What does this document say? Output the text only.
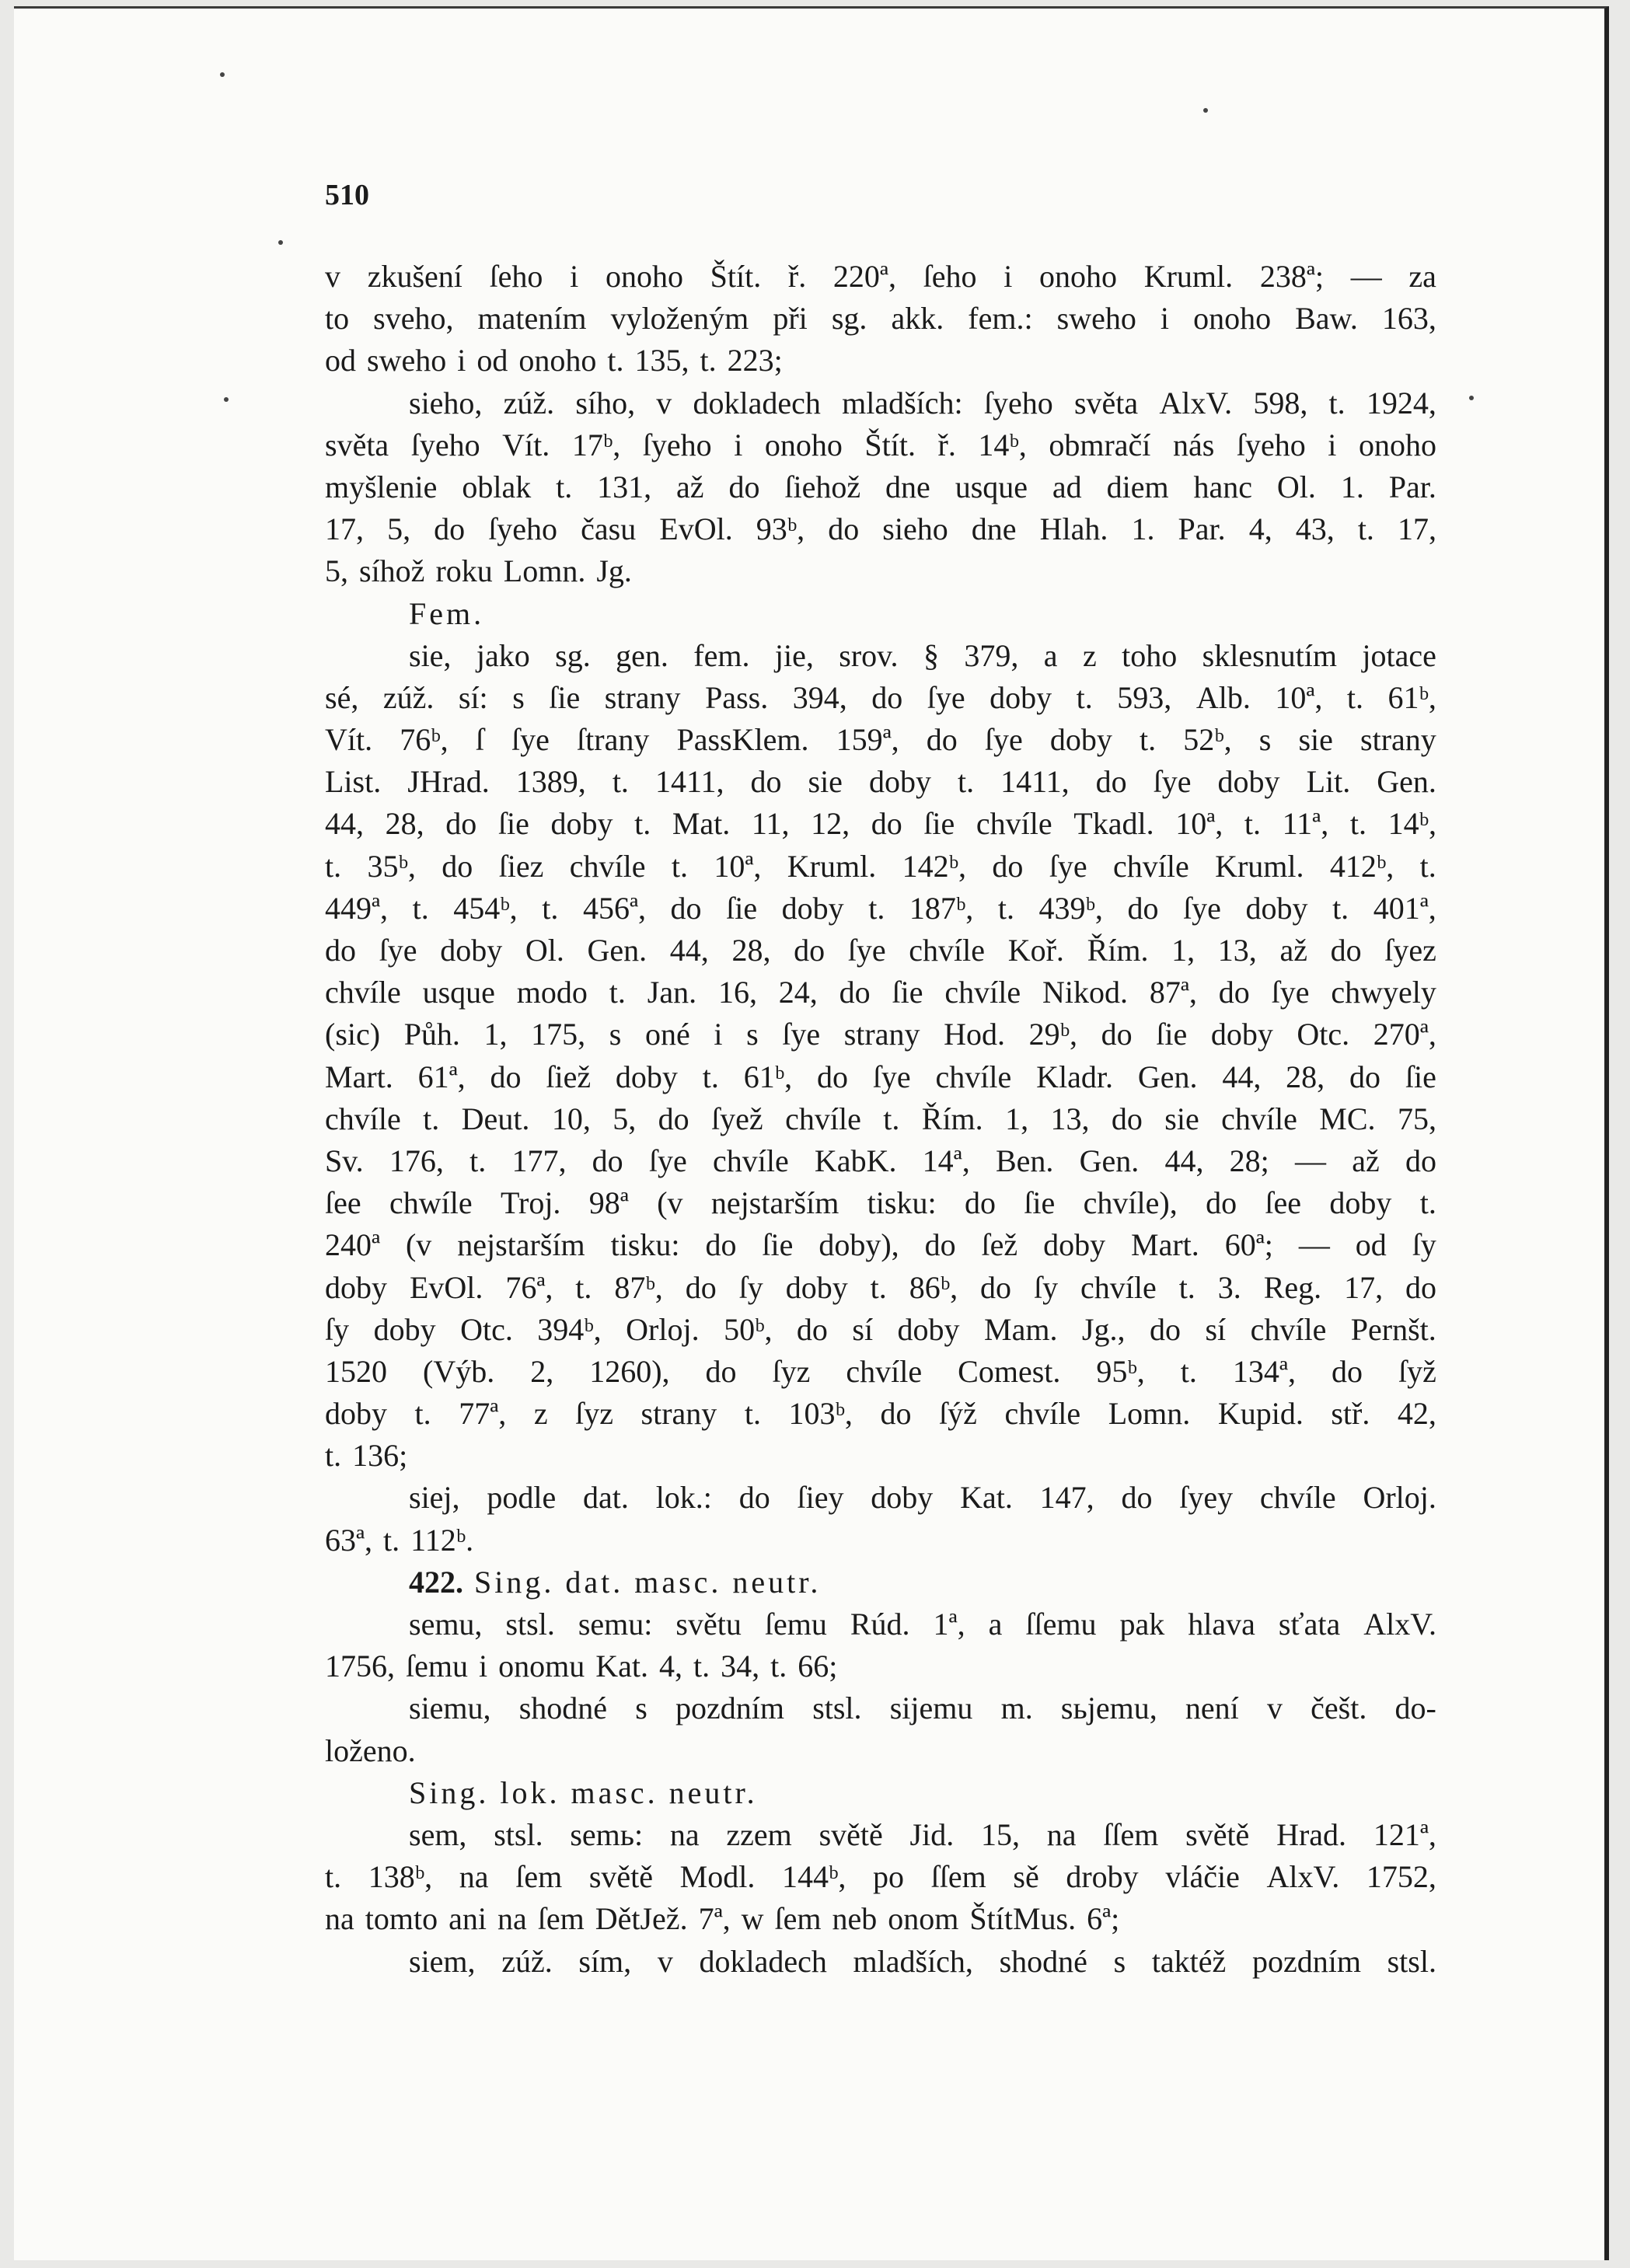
510
v zkušení ſeho i onoho Štít. ř. 220ª, ſeho i onoho Kruml. 238ª; — za
to sveho, matením vyloženým při sg. akk. fem.: sweho i onoho Baw. 163,
od sweho i od onoho t. 135, t. 223;
sieho, zúž. sího, v dokladech mladších: ſyeho světa AlxV. 598, t. 1924,
světa ſyeho Vít. 17ᵇ, ſyeho i onoho Štít. ř. 14ᵇ, obmračí nás ſyeho i onoho
myšlenie oblak t. 131, až do ſiehož dne usque ad diem hanc Ol. 1. Par.
17, 5, do ſyeho času EvOl. 93ᵇ, do sieho dne Hlah. 1. Par. 4, 43, t. 17,
5, síhož roku Lomn. Jg.
Fem.
sie, jako sg. gen. fem. jie, srov. § 379, a z toho sklesnutím jotace
sé, zúž. sí: s ſie strany Pass. 394, do ſye doby t. 593, Alb. 10ª, t. 61ᵇ,
Vít. 76ᵇ, ſ ſye ſtrany PassKlem. 159ª, do ſye doby t. 52ᵇ, s sie strany
List. JHrad. 1389, t. 1411, do sie doby t. 1411, do ſye doby Lit. Gen.
44, 28, do ſie doby t. Mat. 11, 12, do ſie chvíle Tkadl. 10ª, t. 11ª, t. 14ᵇ,
t. 35ᵇ, do ſiez chvíle t. 10ª, Kruml. 142ᵇ, do ſye chvíle Kruml. 412ᵇ, t.
449ª, t. 454ᵇ, t. 456ª, do ſie doby t. 187ᵇ, t. 439ᵇ, do ſye doby t. 401ª,
do ſye doby Ol. Gen. 44, 28, do ſye chvíle Koř. Řím. 1, 13, až do ſyez
chvíle usque modo t. Jan. 16, 24, do ſie chvíle Nikod. 87ª, do ſye chwyely
(sic) Půh. 1, 175, s oné i s ſye strany Hod. 29ᵇ, do ſie doby Otc. 270ª,
Mart. 61ª, do ſiež doby t. 61ᵇ, do ſye chvíle Kladr. Gen. 44, 28, do ſie
chvíle t. Deut. 10, 5, do ſyež chvíle t. Řím. 1, 13, do sie chvíle MC. 75,
Sv. 176, t. 177, do ſye chvíle KabK. 14ª, Ben. Gen. 44, 28; — až do
ſee chwíle Troj. 98ª (v nejstarším tisku: do ſie chvíle), do ſee doby t.
240ª (v nejstarším tisku: do ſie doby), do ſež doby Mart. 60ª; — od ſy
doby EvOl. 76ª, t. 87ᵇ, do ſy doby t. 86ᵇ, do ſy chvíle t. 3. Reg. 17, do
ſy doby Otc. 394ᵇ, Orloj. 50ᵇ, do sí doby Mam. Jg., do sí chvíle Pernšt.
1520 (Výb. 2, 1260), do ſyz chvíle Comest. 95ᵇ, t. 134ª, do ſyž
doby t. 77ª, z ſyz strany t. 103ᵇ, do ſýž chvíle Lomn. Kupid. stř. 42,
t. 136;
siej, podle dat. lok.: do ſiey doby Kat. 147, do ſyey chvíle Orloj.
63ª, t. 112ᵇ.
422. Sing. dat. masc. neutr.
semu, stsl. semu: světu ſemu Rúd. 1ª, a ſſemu pak hlava sťata AlxV.
1756, ſemu i onomu Kat. 4, t. 34, t. 66;
siemu, shodné s pozdním stsl. sijemu m. sьjemu, není v češt. do-
loženo.
Sing. lok. masc. neutr.
sem, stsl. semь: na zzem světě Jid. 15, na ſſem světě Hrad. 121ª,
t. 138ᵇ, na ſem světě Modl. 144ᵇ, po ſſem sě droby vláčie AlxV. 1752,
na tomto ani na ſem DětJež. 7ª, w ſem neb onom ŠtítMus. 6ª;
siem, zúž. sím, v dokladech mladších, shodné s taktéž pozdním stsl.
